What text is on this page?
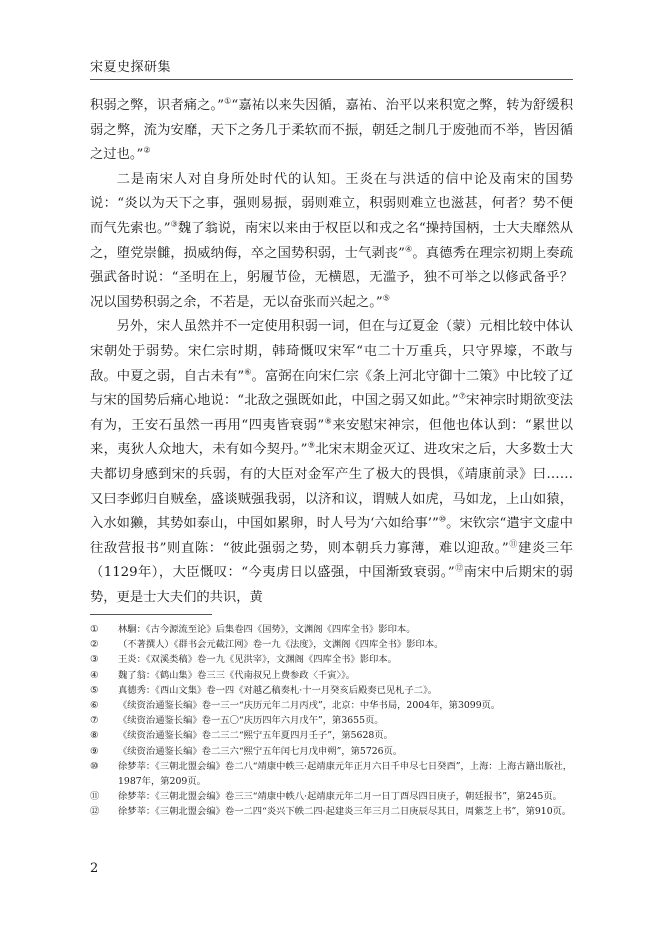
宋夏史探研集

积弱之弊，识者痛之。”①“嘉祐以来失因循，嘉祐、治平以来积宽之弊，转为舒缓积弱之弊，流为安靡，天下之务几于柔软而不振，朝廷之制几于废弛而不举，皆因循之过也。”②

二是南宋人对自身所处时代的认知。王炎在与洪适的信中论及南宋的国势说：“炎以为天下之事，强则易振，弱则难立，积弱则难立也滋甚，何者？势不便而气先索也。”③魏了翁说，南宋以来由于权臣以和戎之名“操持国柄，士大夫靡然从之，堕党崇雠，损威纳侮，卒之国势积弱，士气剥丧”④。真德秀在理宗初期上奏疏强武备时说：“圣明在上，躬履节俭，无横恩，无滥予，独不可举之以修武备乎？况以国势积弱之余，不若是，无以奋张而兴起之。”⑤

另外，宋人虽然并不一定使用积弱一词，但在与辽夏金（蒙）元相比较中体认宋朝处于弱势。宋仁宗时期，韩琦慨叹宋军“屯二十万重兵，只守界壕，不敢与敌。中夏之弱，自古未有”⑥。富弼在向宋仁宗《条上河北守御十二策》中比较了辽与宋的国势后痛心地说：“北敌之强既如此，中国之弱又如此。”⑦宋神宗时期欲变法有为，王安石虽然一再用“四夷皆衰弱”⑧来安慰宋神宗，但他也体认到：“累世以来，夷狄人众地大，未有如今契丹。”⑨北宋末期金灭辽、进攻宋之后，大多数士大夫都切身感到宋的兵弱，有的大臣对金军产生了极大的畏惧，《靖康前录》曰……又曰李邺归自贼垒，盛谈贼强我弱，以济和议，谓贼人如虎，马如龙，上山如猿，入水如獭，其势如泰山，中国如累卵，时人号为‘六如给事’”⑩。宋钦宗“遣宇文虚中往敌营报书”则直陈：“彼此强弱之势，则本朝兵力寡薄，难以迎敌。”⑪建炎三年（1129年），大臣慨叹：“今夷虏日以盛强，中国渐致衰弱。”⑫南宋中后期宋的弱势，更是士大夫们的共识，黄

①	林駉：《古今源流至论》后集卷四《国势》，文渊阁《四库全书》影印本。
②	（不著撰人）《群书会元截江网》卷一九《法度》，文渊阁《四库全书》影印本。
③	王炎：《双溪类稿》卷一九《见洪宰》，文渊阁《四库全书》影印本。
④	魏了翁：《鹤山集》卷三三《代南叔兄上费参政〈千寅〉》。
⑤	真德秀：《西山文集》卷一四《对越乙稿奏札·十一月癸亥后殿奏已见札子二》。
⑥	《续资治通鉴长编》卷一三一“庆历元年二月丙戌”，北京：中华书局，2004年，第3099页。
⑦	《续资治通鉴长编》卷一五〇“庆历四年六月戊午”，第3655页。
⑧	《续资治通鉴长编》卷二三二“熙宁五年夏四月壬子”，第5628页。
⑨	《续资治通鉴长编》卷二三六“熙宁五年闰七月戊申朔”，第5726页。
⑩	徐梦莘：《三朝北盟会编》卷二八“靖康中帙三·起靖康元年正月六日千申尽七日癸酉”，上海：上海古籍出版社，1987年，第209页。
⑪	徐梦莘：《三朝北盟会编》卷三三“靖康中帙八·起靖康元年二月一日丁酉尽四日庚子，朝廷报书”，第245页。
⑫	徐梦莘：《三朝北盟会编》卷一二四“炎兴下帙二四·起建炎三年三月二日庚辰尽其日，周紫芝上书”，第910页。
2
